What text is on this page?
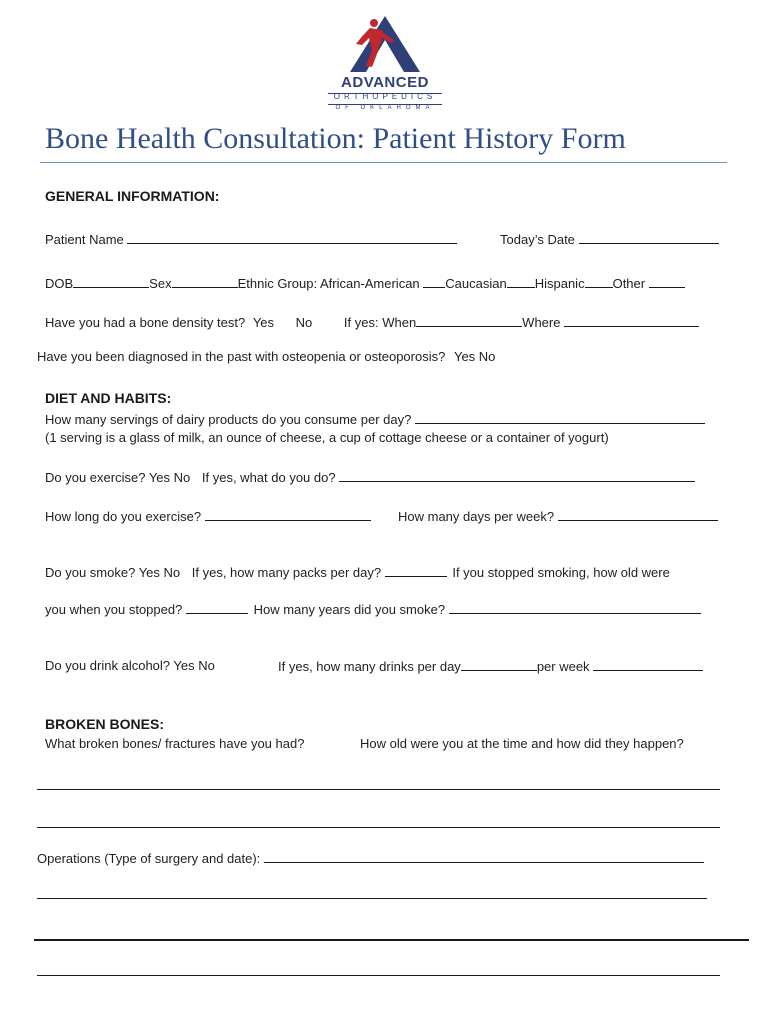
ADVANCED
ORTHOPEDICS
OF OKLAHOMA
Bone Health Consultation: Patient History Form
GENERAL INFORMATION:
Patient Name	Today’s Date
DOB	Sex	Ethnic Group: African-American Caucasian Hispanic Other
Have you had a bone density test? Yes No If yes: When	Where
Have you been diagnosed in the past with osteopenia or osteoporosis? Yes No
DIET AND HABITS:
How many servings of dairy products do you consume per day?
(1 serving is a glass of milk, an ounce of cheese, a cup of cottage cheese or a container of yogurt)
Do you exercise? Yes No If yes, what do you do?
How long do you exercise?	How many days per week?
Do you smoke? Yes No If yes, how many packs per day?	If you stopped smoking, how old were
you when you stopped?	How many years did you smoke?
Do you drink alcohol? Yes No	If yes, how many drinks per day	per week
BROKEN BONES:
What broken bones/ fractures have you had?	How old were you at the time and how did they happen?
Operations (Type of surgery and date):
